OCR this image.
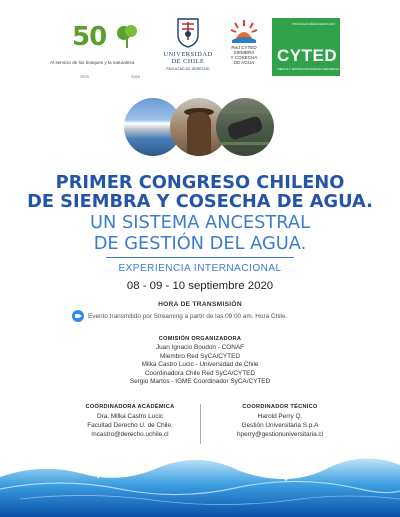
50
Al servicio de los bosques y la naturaleza
1970	2020
UNIVERSIDAD
DE CHILE
FACULTAD DE DERECHO
Red CYTED
SIEMBRA
Y COSECHA
DE AGUA
PROGRAMA IBEROAMERICANO
CYTED
CIENCIA Y TECNOLOGÍA PARA EL DESARROLLO
PRIMER CONGRESO CHILENO
DE SIEMBRA Y COSECHA DE AGUA.
UN SISTEMA ANCESTRAL
DE GESTIÓN DEL AGUA.
EXPERIENCIA INTERNACIONAL
08 - 09 - 10 septiembre 2020
HORA DE TRANSMISIÓN
Evento transmitido por Streaming a partir de las 09:00 am. Hora Chile.
COMISIÓN ORGANIZADORA
Juan Ignacio Boudon - CONAF
Miembro Red SyCA/CYTED
Milka Castro Lucic - Universidad de Chile
Coordinadora Chile Red SyCA/CYTED
Sergio Martos - IGME Coordinador SyCA/CYTED
COORDINADORA ACADÉMICA
Dra. Milka Castro Lucic
Facultad Derecho U. de Chile.
mcastro@derecho.uchile.cl
COORDINADOR TÉCNICO
Harold Perry Q.
Gestión Universitaria S.p.A
hperry@gestionuniversitaria.cl
